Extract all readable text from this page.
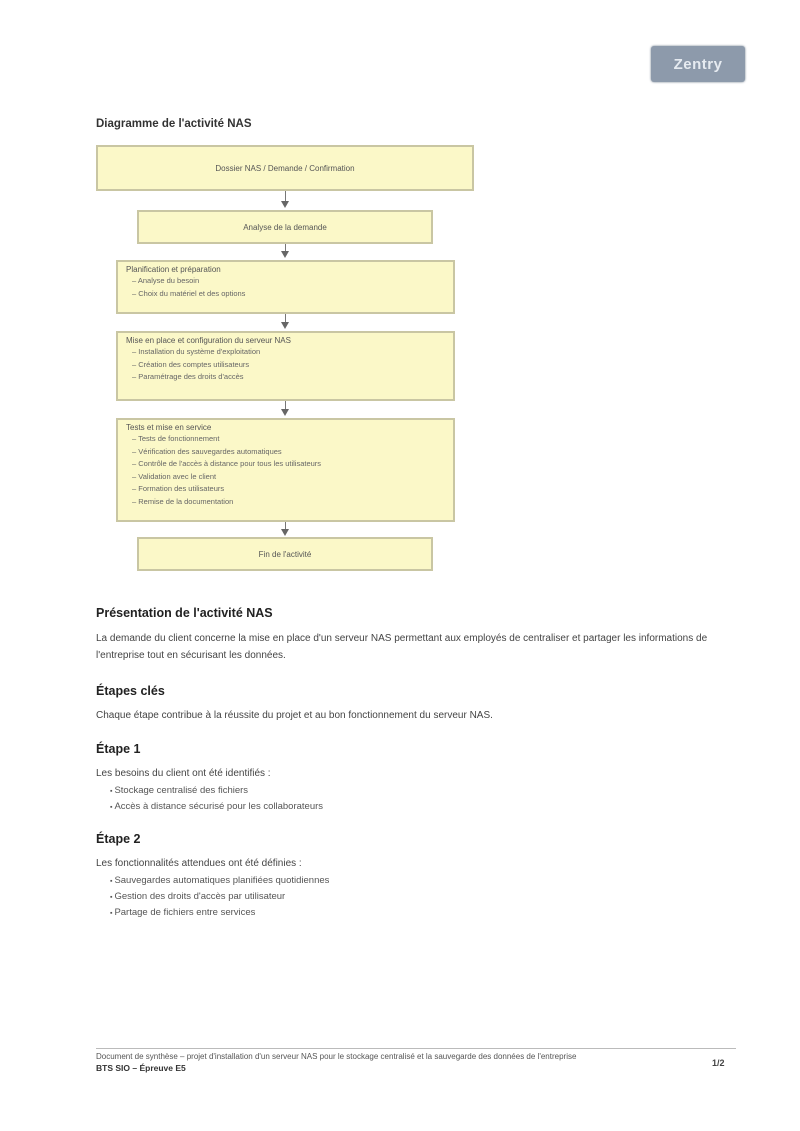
Zentry
Diagramme de l'activité NAS
Dossier NAS / Demande / Confirmation
Analyse de la demande
Planification et préparation
– Analyse du besoin
– Choix du matériel et des options
Mise en place et configuration du serveur NAS
– Installation du système d'exploitation
– Création des comptes utilisateurs
– Paramétrage des droits d'accès
Tests et mise en service
– Tests de fonctionnement
– Vérification des sauvegardes automatiques
– Contrôle de l'accès à distance pour tous les utilisateurs
– Validation avec le client
– Formation des utilisateurs
– Remise de la documentation
Fin de l'activité
Présentation de l'activité NAS
La demande du client concerne la mise en place d'un serveur NAS permettant aux employés de centraliser et partager les informations de l'entreprise tout en sécurisant les données.
Étapes clés
Chaque étape contribue à la réussite du projet et au bon fonctionnement du serveur NAS.
Étape 1
Les besoins du client ont été identifiés :
▪ Stockage centralisé des fichiers
▪ Accès à distance sécurisé pour les collaborateurs
Étape 2
Les fonctionnalités attendues ont été définies :
▪ Sauvegardes automatiques planifiées quotidiennes
▪ Gestion des droits d'accès par utilisateur
▪ Partage de fichiers entre services
Document de synthèse – projet d'installation d'un serveur NAS pour le stockage centralisé et la sauvegarde des données de l'entreprise
BTS SIO – Épreuve E5	1/2
